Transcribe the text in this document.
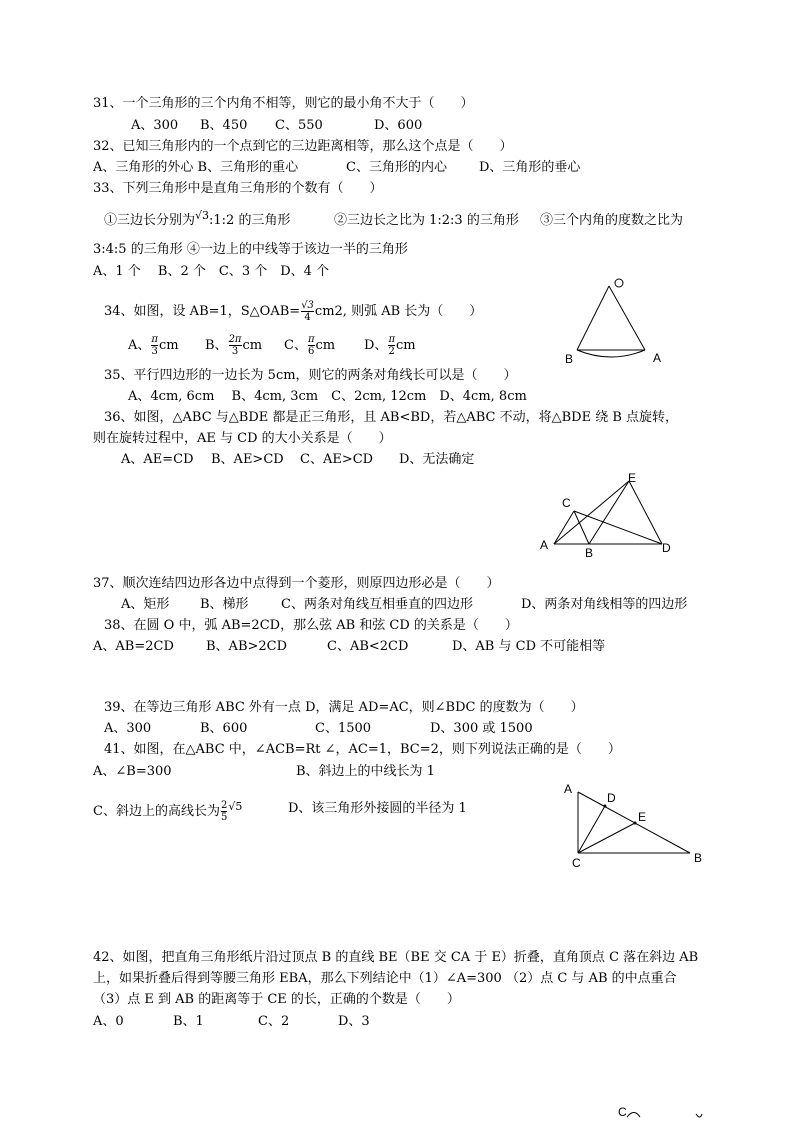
31、一个三角形的三个内角不相等，则它的最小角不大于（　　）
A、300 B、450 C、550	D、600
32、已知三角形内的一个点到它的三边距离相等，那么这个点是（　　）
A、三角形的外心 B、三角形的重心	C、三角形的内心 D、三角形的垂心
33、下列三角形中是直角三角形的个数有（　　）
①三边长分别为$^{√3}$:1:2 的三角形	②三边长之比为 1:2:3 的三角形 ③三个内角的度数之比为
3:4:5 的三角形 ④一边上的中线等于该边一半的三角形
A、1 个　 B、2 个　C、3 个　D、4 个
34、如图，设 AB=1，S△OAB= $\frac{√3}{4} cm2$, 则弧 AB 长为（　　）
A、 $\frac{\pi}{3}$ cm B、 $\frac{2\pi}{3}$ cm C、 $\frac{\pi}{6}$ cm D、 $\frac{\pi}{2}$ cm
B	A
35、平行四边形的一边长为 5cm，则它的两条对角线长可以是（　　）
A、4cm, 6cm　 B、4cm, 3cm　C、2cm, 12cm　D、4cm, 8cm
36、如图，△ABC 与△BDE 都是正三角形，且 AB<BD，若△ABC 不动，将△BDE 绕 B 点旋转，
则在旋转过程中，AE 与 CD 的大小关系是（　　）
A、AE=CD B、AE>CD C、AE>CD D、无法确定
A
B
C
D
E
37、顺次连结四边形各边中点得到一个菱形，则原四边形必是（　　）
A、矩形 B、梯形 C、两条对角线互相垂直的四边形	D、两条对角线相等的四边形
38、在圆 O 中，弧 AB=2CD，那么弦 AB 和弦 CD 的关系是（　　）
A、AB=2CD B、AB>2CD	C、AB<2CD	D、AB 与 CD 不可能相等
39、在等边三角形 ABC 外有一点 D，满足 AD=AC，则∠BDC 的度数为（　　）
A、300	B、600	C、1500	D、300 或 1500
41、如图，在△ABC 中，∠ACB=Rt ∠，AC=1，BC=2，则下列说法正确的是（　　）
A、∠B=300	B、斜边上的中线长为 1
C、斜边上的高线长为 $\frac{2}{5} ^{√5}$	D、该三角形外接圆的半径为 1
A
D
E
C	B
42、如图，把直角三角形纸片沿过顶点 B 的直线 BE（BE 交 CA 于 E）折叠，直角顶点 C 落在斜边 AB
上，如果折叠后得到等腰三角形 EBA，那么下列结论中（1）∠A=300 （2）点 C 与 AB 的中点重合
（3）点 E 到 AB 的距离等于 CE 的长，正确的个数是（　　）
A、0	B、1	C、2	D、3
C
